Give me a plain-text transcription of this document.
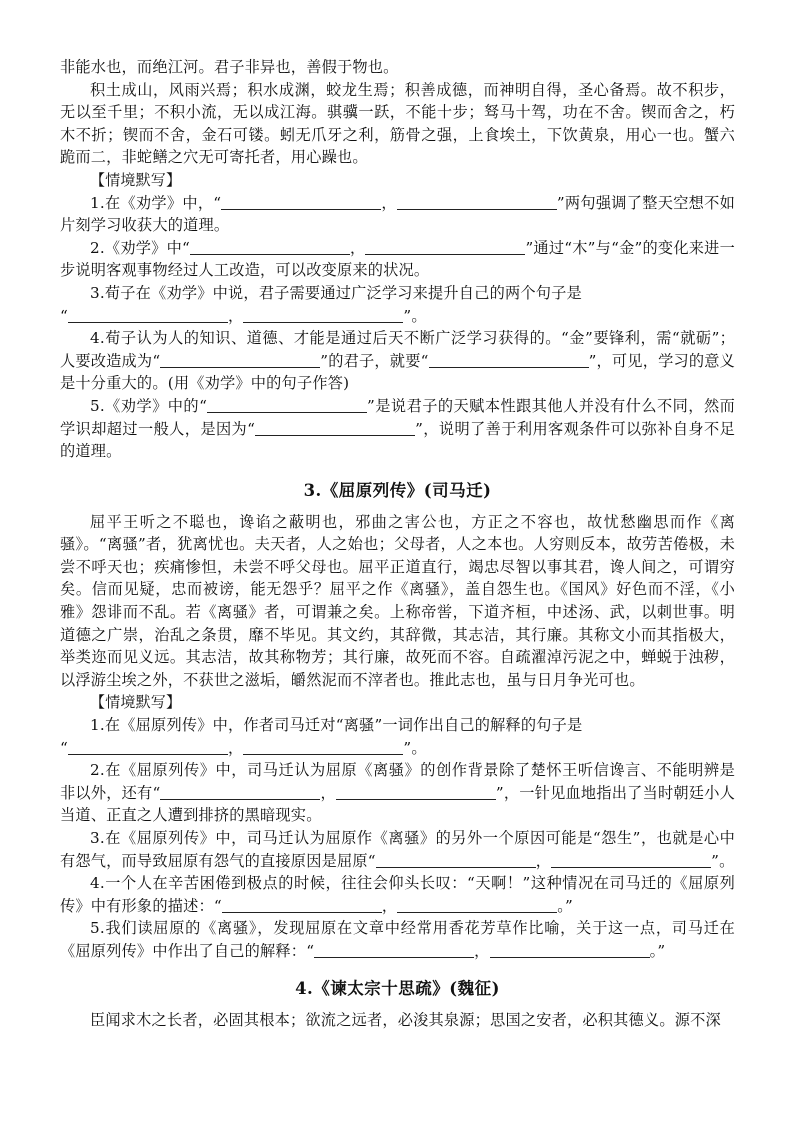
非能水也，而绝江河。君子非异也，善假于物也。

积土成山，风雨兴焉；积水成渊，蛟龙生焉；积善成德，而神明自得，圣心备焉。故不积步，无以至千里；不积小流，无以成江海。骐骥一跃，不能十步；驽马十驾，功在不舍。锲而舍之，朽木不折；锲而不舍，金石可镂。蚓无爪牙之利，筋骨之强，上食埃土，下饮黄泉，用心一也。蟹六跪而二，非蛇鳝之穴无可寄托者，用心躁也。

【情境默写】

1.在《劝学》中，“	，	”两句强调了整天空想不如片刻学习收获大的道理。

2.《劝学》中“	，	”通过“木”与“金”的变化来进一步说明客观事物经过人工改造，可以改变原来的状况。

3.荀子在《劝学》中说，君子需要通过广泛学习来提升自己的两个句子是

“	，	”。

4.荀子认为人的知识、道德、才能是通过后天不断广泛学习获得的。“金”要锋利，需“就砺”；人要改造成为“	”的君子，就要“	”，可见，学习的意义是十分重大的。(用《劝学》中的句子作答)

5.《劝学》中的“	”是说君子的天赋本性跟其他人并没有什么不同，然而学识却超过一般人，是因为“	”，说明了善于利用客观条件可以弥补自身不足的道理。

3.《屈原列传》(司马迁)

屈平王听之不聪也，谗谄之蔽明也，邪曲之害公也，方正之不容也，故忧愁幽思而作《离骚》。“离骚”者，犹离忧也。夫天者，人之始也；父母者，人之本也。人穷则反本，故劳苦倦极，未尝不呼天也；疾痛惨怛，未尝不呼父母也。屈平正道直行，竭忠尽智以事其君，谗人间之，可谓穷矣。信而见疑，忠而被谤，能无怨乎？屈平之作《离骚》，盖自怨生也。《国风》好色而不淫，《小雅》怨诽而不乱。若《离骚》者，可谓兼之矣。上称帝喾，下道齐桓，中述汤、武，以刺世事。明道德之广崇，治乱之条贯，靡不毕见。其文约，其辞微，其志洁，其行廉。其称文小而其指极大，举类迩而见义远。其志洁，故其称物芳；其行廉，故死而不容。自疏濯淖污泥之中，蝉蜕于浊秽，以浮游尘埃之外，不获世之滋垢，皭然泥而不滓者也。推此志也，虽与日月争光可也。

【情境默写】

1.在《屈原列传》中，作者司马迁对“离骚”一词作出自己的解释的句子是

“	，	”。

2.在《屈原列传》中，司马迁认为屈原《离骚》的创作背景除了楚怀王听信谗言、不能明辨是非以外，还有“	，	”，一针见血地指出了当时朝廷小人当道、正直之人遭到排挤的黑暗现实。

3.在《屈原列传》中，司马迁认为屈原作《离骚》的另外一个原因可能是“怨生”，也就是心中有怨气，而导致屈原有怨气的直接原因是屈原“	，	”。

4.一个人在辛苦困倦到极点的时候，往往会仰头长叹：“天啊！”这种情况在司马迁的《屈原列传》中有形象的描述：“	，	。”

5.我们读屈原的《离骚》，发现屈原在文章中经常用香花芳草作比喻，关于这一点，司马迁在《屈原列传》中作出了自己的解释：“	，	。”

4.《谏太宗十思疏》(魏征)

臣闻求木之长者，必固其根本；欲流之远者，必浚其泉源；思国之安者，必积其德义。源不深
